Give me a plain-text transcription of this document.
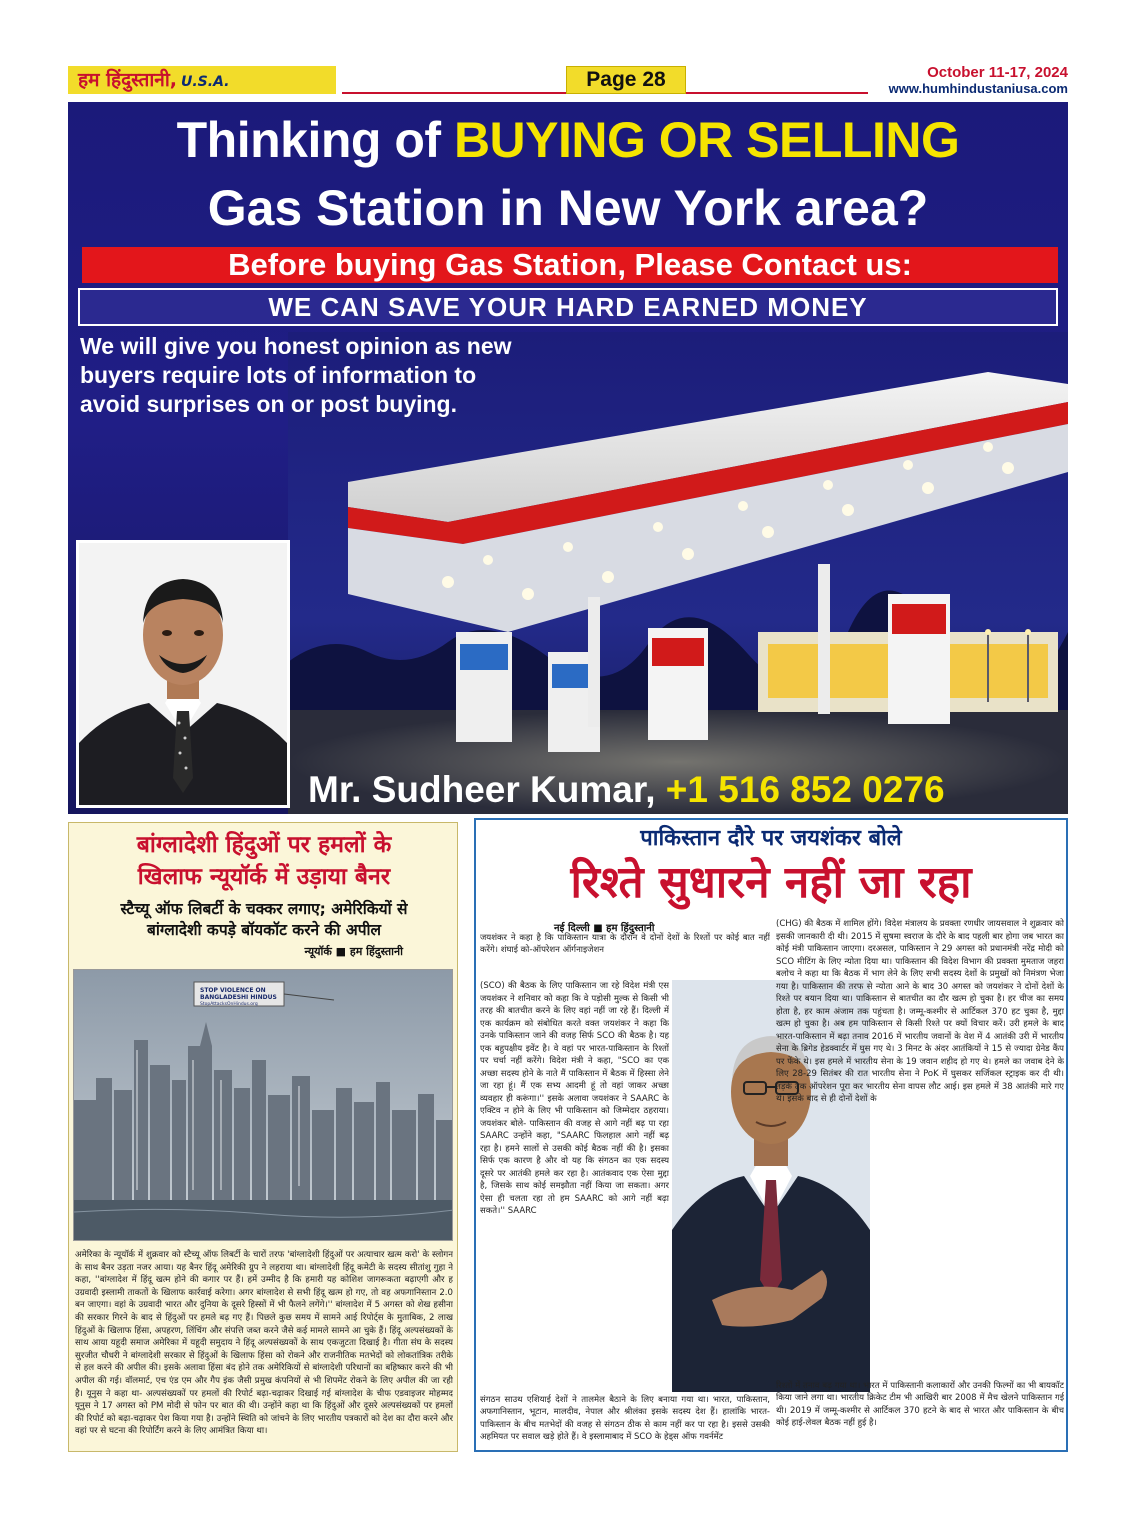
हम हिंदुस्तानी, U.S.A.	Page 28	October 11-17, 2024
www.humhindustaniusa.com
Thinking of BUYING OR SELLING
Gas Station in New York area?
Before buying Gas Station, Please Contact us:
WE CAN SAVE YOUR HARD EARNED MONEY
We will give you honest opinion as new
buyers require lots of information to
avoid surprises on or post buying.
Mr. Sudheer Kumar, +1 516 852 0276
बांग्लादेशी हिंदुओं पर हमलों के
खिलाफ न्यूयॉर्क में उड़ाया बैनर
स्टैच्यू ऑफ लिबर्टी के चक्कर लगाए; अमेरिकियों से
बांग्लादेशी कपड़े बॉयकॉट करने की अपील
न्यूयॉर्क ■ हम हिंदुस्तानी
STOP VIOLENCE ON
BANGLADESHI HINDUS
StopAttacksOnHindus.org
अमेरिका के न्यूयॉर्क में शुक्रवार को स्टैच्यू ऑफ लिबर्टी के चारों तरफ 'बांग्लादेशी हिंदुओं पर अत्याचार खत्म करो' के स्लोगन के साथ बैनर उड़ता नजर आया। यह बैनर हिंदू अमेरिकी ग्रुप ने लहराया था। बांग्लादेशी हिंदू कमेटी के सदस्य सीतांशु गुहा ने कहा, ''बांग्लादेश में हिंदू खत्म होने की कगार पर हैं। हमें उम्मीद है कि हमारी यह कोशिश जागरूकता बढ़ाएगी और ह उग्रवादी इस्लामी ताकतों के खिलाफ कार्रवाई करेगा। अगर बांग्लादेश से सभी हिंदू खत्म हो गए, तो वह अफगानिस्तान 2.0 बन जाएगा। वहां के उग्रवादी भारत और दुनिया के दूसरे हिस्सों में भी फैलने लगेंगे।'' बांग्लादेश में 5 अगस्त को शेख हसीना की सरकार गिरने के बाद से हिंदुओं पर हमले बढ़ गए हैं। पिछले कुछ समय में सामने आई रिपोर्ट्स के मुताबिक, 2 लाख हिंदुओं के खिलाफ हिंसा, अपहरण, लिंचिंग और संपत्ति जब्त करने जैसे कई मामले सामने आ चुके हैं। हिंदू अल्पसंख्यकों के साथ आया यहूदी समाज अमेरिका में यहूदी समुदाय ने हिंदू अल्पसंख्यकों के साथ एकजुटता दिखाई है। गीता संघ के सदस्य सुरजीत चौधरी ने बांग्लादेशी सरकार से हिंदुओं के खिलाफ हिंसा को रोकने और राजनीतिक मतभेदों को लोकतांत्रिक तरीके से हल करने की अपील की। इसके अलावा हिंसा बंद होने तक अमेरिकियों से बांग्लादेशी परिधानों का बहिष्कार करने की भी अपील की गई। वॉलमार्ट, एच एंड एम और गैप इंक जैसी प्रमुख कंपनियों से भी शिपमेंट रोकने के लिए अपील की जा रही है। यूनुस ने कहा था- अल्पसंख्यकों पर हमलों की रिपोर्ट बढ़ा-चढ़ाकर दिखाई गई बांग्लादेश के चीफ एडवाइजर मोहम्मद यूनुस ने 17 अगस्त को PM मोदी से फोन पर बात की थी। उन्होंने कहा था कि हिंदुओं और दूसरे अल्पसंख्यकों पर हमलों की रिपोर्ट को बढ़ा-चढ़ाकर पेश किया गया है। उन्होंने स्थिति को जांचने के लिए भारतीय पत्रकारों को देश का दौरा करने और वहां पर से घटना की रिपोर्टिंग करने के लिए आमंत्रित किया था।
पाकिस्तान दौरे पर जयशंकर बोले
रिश्ते सुधारने नहीं जा रहा
नई दिल्ली ■ हम हिंदुस्तानी
जयशंकर ने कहा है कि पाकिस्तान यात्रा के दौरान वे दोनों देशों के रिश्तों पर कोई बात नहीं करेंगे। शंघाई को-ऑपरेशन ऑर्गनाइजेशन
(SCO) की बैठक के लिए पाकिस्तान जा रहे विदेश मंत्री एस जयशंकर ने शनिवार को कहा कि वे पड़ोसी मुल्क से किसी भी तरह की बातचीत करने के लिए वहां नहीं जा रहे हैं। दिल्ली में एक कार्यक्रम को संबोधित करते वक्त जयशंकर ने कहा कि उनके पाकिस्तान जाने की वजह सिर्फ SCO की बैठक है। यह एक बहुपक्षीय इवेंट है। वे वहां पर भारत-पाकिस्तान के रिश्तों पर चर्चा नहीं करेंगे। विदेश मंत्री ने कहा, "SCO का एक अच्छा सदस्य होने के नाते मैं पाकिस्तान में बैठक में हिस्सा लेने जा रहा हूं। मैं एक सभ्य आदमी हूं तो वहां जाकर अच्छा व्यवहार ही करूंगा।'' इसके अलावा जयशंकर ने SAARC के एक्टिव न होने के लिए भी पाकिस्तान को जिम्मेदार ठहराया। जयशंकर बोले- पाकिस्तान की वजह से आगे नहीं बढ़ पा रहा SAARC उन्होंने कहा, "SAARC फिलहाल आगे नहीं बढ़ रहा है। हमने सालों से उसकी कोई बैठक नहीं की है। इसका सिर्फ एक कारण है और वो यह कि संगठन का एक सदस्य दूसरे पर आतंकी हमले कर रहा है। आतंकवाद एक ऐसा मुद्दा है, जिसके साथ कोई समझौता नहीं किया जा सकता। अगर ऐसा ही चलता रहा तो हम SAARC को आगे नहीं बढ़ा सकते।'' SAARC
संगठन साउथ एशियाई देशों ने तालमेल बैठाने के लिए बनाया गया था। भारत, पाकिस्तान, अफगानिस्तान, भूटान, मालदीव, नेपाल और श्रीलंका इसके सदस्य देश हैं। हालांकि भारत-पाकिस्तान के बीच मतभेदों की वजह से संगठन ठीक से काम नहीं कर पा रहा है। इससे उसकी अहमियत पर सवाल खड़े होते हैं। वे इस्लामाबाद में SCO के हेड्स ऑफ गवर्नमेंट
(CHG) की बैठक में शामिल होंगे। विदेश मंत्रालय के प्रवक्ता रणधीर जायसवाल ने शुक्रवार को इसकी जानकारी दी थी। 2015 में सुषमा स्वराज के दौरे के बाद पहली बार होगा जब भारत का कोई मंत्री पाकिस्तान जाएगा। दरअसल, पाकिस्तान ने 29 अगस्त को प्रधानमंत्री नरेंद्र मोदी को SCO मीटिंग के लिए न्योता दिया था। पाकिस्तान की विदेश विभाग की प्रवक्ता मुमताज जहरा बलोच ने कहा था कि बैठक में भाग लेने के लिए सभी सदस्य देशों के प्रमुखों को निमंत्रण भेजा गया है। पाकिस्तान की तरफ से न्योता आने के बाद 30 अगस्त को जयशंकर ने दोनों देशों के रिश्ते पर बयान दिया था। पाकिस्तान से बातचीत का दौर खत्म हो चुका है। हर चीज का समय होता है, हर काम अंजाम तक पहुंचता है। जम्मू-कश्मीर से आर्टिकल 370 हट चुका है, मुद्दा खत्म हो चुका है। अब हम पाकिस्तान से किसी रिश्ते पर क्यों विचार करें। उरी हमले के बाद भारत-पाकिस्तान में बढ़ा तनाव 2016 में भारतीय जवानों के वेश में 4 आतंकी उरी में भारतीय सेना के ब्रिगेड हेडक्वार्टर में घुस गए थे। 3 मिनट के अंदर आतंकियों ने 15 से ज्यादा ग्रेनेड कैंप पर फेंके थे। इस हमले में भारतीय सेना के 19 जवान शहीद हो गए थे। हमले का जवाब देने के लिए 28-29 सितंबर की रात भारतीय सेना ने PoK में घुसकर सर्जिकल स्ट्राइक कर दी थी। तड़के तक ऑपरेशन पूरा कर भारतीय सेना वापस लौट आई। इस हमले में 38 आतंकी मारे गए थे। इसके बाद से ही दोनों देशों के
रिश्तों में तनाव बढ़ गया था। भारत में पाकिस्तानी कलाकारों और उनकी फिल्मों का भी बायकॉट किया जाने लगा था। भारतीय क्रिकेट टीम भी आखिरी बार 2008 में मैच खेलने पाकिस्तान गई थी। 2019 में जम्मू-कश्मीर से आर्टिकल 370 हटने के बाद से भारत और पाकिस्तान के बीच कोई हाई-लेवल बैठक नहीं हुई है।
